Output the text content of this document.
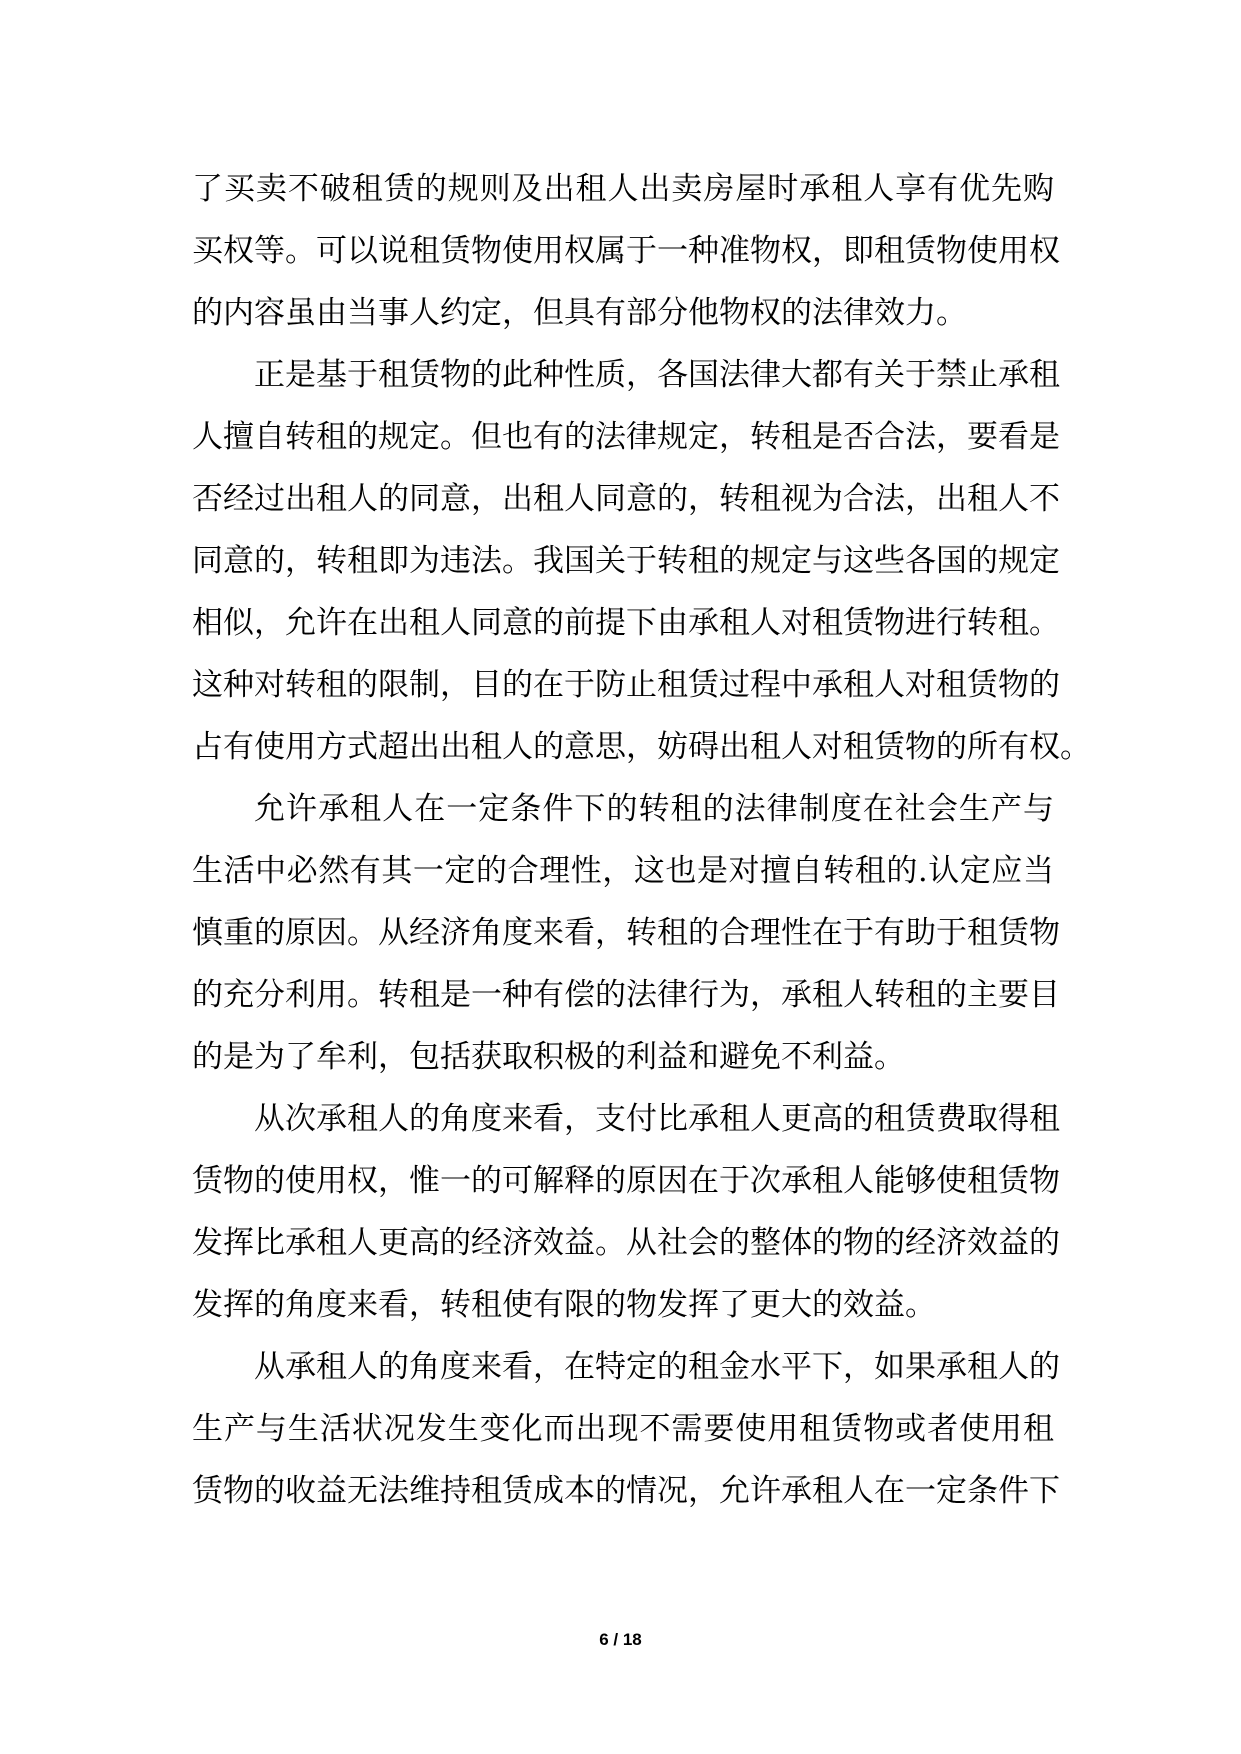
了买卖不破租赁的规则及出租人出卖房屋时承租人享有优先购
买权等。可以说租赁物使用权属于一种准物权，即租赁物使用权
的内容虽由当事人约定，但具有部分他物权的法律效力。
正是基于租赁物的此种性质，各国法律大都有关于禁止承租
人擅自转租的规定。但也有的法律规定，转租是否合法，要看是
否经过出租人的同意，出租人同意的，转租视为合法，出租人不
同意的，转租即为违法。我国关于转租的规定与这些各国的规定
相似，允许在出租人同意的前提下由承租人对租赁物进行转租。
这种对转租的限制，目的在于防止租赁过程中承租人对租赁物的
占有使用方式超出出租人的意思，妨碍出租人对租赁物的所有权。
允许承租人在一定条件下的转租的法律制度在社会生产与
生活中必然有其一定的合理性，这也是对擅自转租的.认定应当
慎重的原因。从经济角度来看，转租的合理性在于有助于租赁物
的充分利用。转租是一种有偿的法律行为，承租人转租的主要目
的是为了牟利，包括获取积极的利益和避免不利益。
从次承租人的角度来看，支付比承租人更高的租赁费取得租
赁物的使用权，惟一的可解释的原因在于次承租人能够使租赁物
发挥比承租人更高的经济效益。从社会的整体的物的经济效益的
发挥的角度来看，转租使有限的物发挥了更大的效益。
从承租人的角度来看，在特定的租金水平下，如果承租人的
生产与生活状况发生变化而出现不需要使用租赁物或者使用租
赁物的收益无法维持租赁成本的情况，允许承租人在一定条件下
6 / 18
